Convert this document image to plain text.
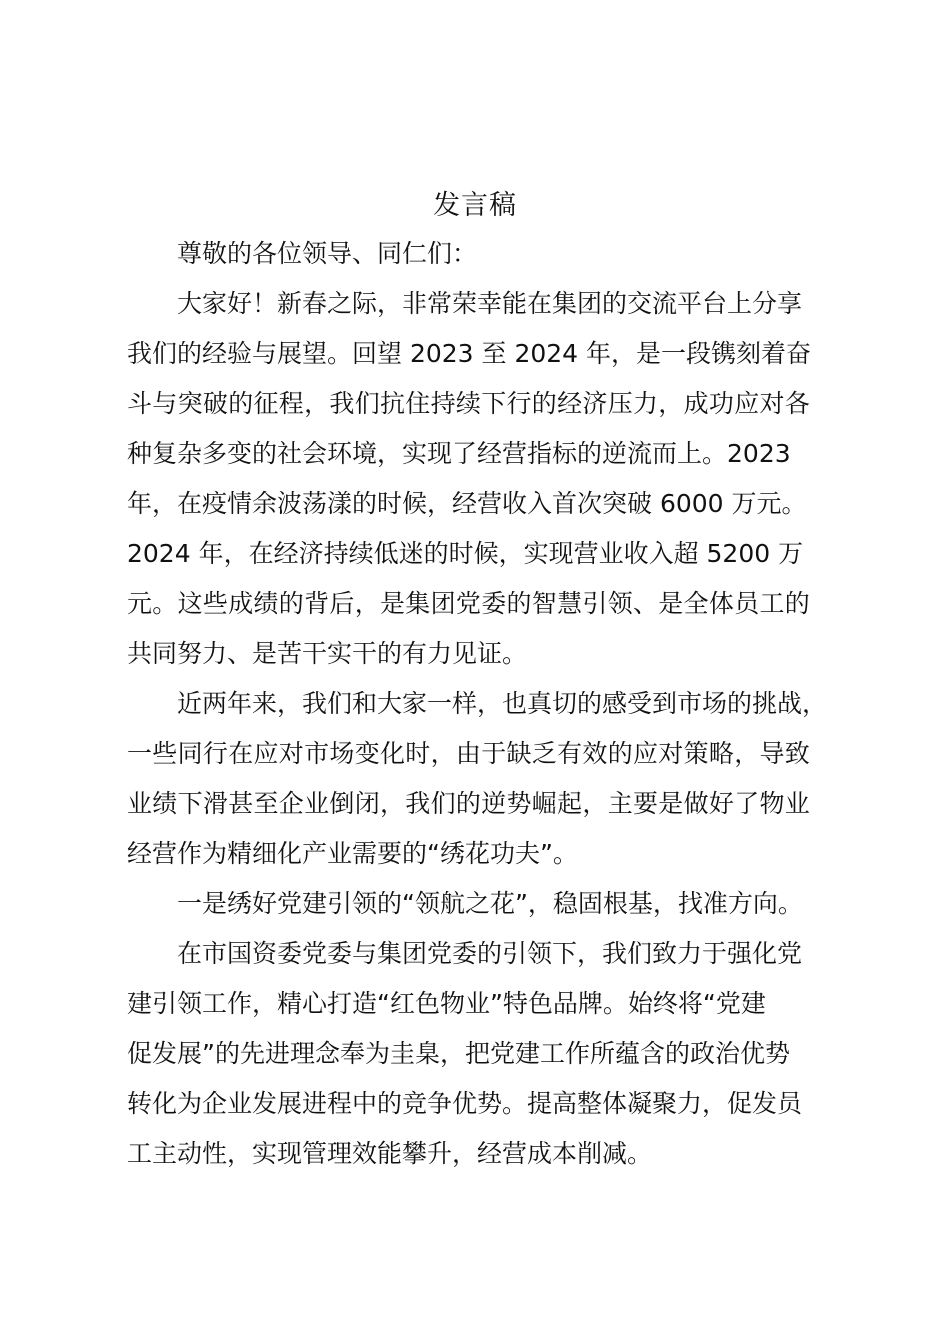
发言稿
尊敬的各位领导、同仁们：
大家好！新春之际，非常荣幸能在集团的交流平台上分享
我们的经验与展望。回望 2023 至 2024 年，是一段镌刻着奋
斗与突破的征程，我们抗住持续下行的经济压力，成功应对各
种复杂多变的社会环境，实现了经营指标的逆流而上。2023
年，在疫情余波荡漾的时候，经营收入首次突破 6000 万元。
2024 年，在经济持续低迷的时候，实现营业收入超 5200 万
元。这些成绩的背后，是集团党委的智慧引领、是全体员工的
共同努力、是苦干实干的有力见证。
近两年来，我们和大家一样，也真切的感受到市场的挑战，
一些同行在应对市场变化时，由于缺乏有效的应对策略，导致
业绩下滑甚至企业倒闭，我们的逆势崛起，主要是做好了物业
经营作为精细化产业需要的“绣花功夫”。
一是绣好党建引领的“领航之花”，稳固根基，找准方向。
在市国资委党委与集团党委的引领下，我们致力于强化党
建引领工作，精心打造“红色物业”特色品牌。始终将“党建
促发展”的先进理念奉为圭臬，把党建工作所蕴含的政治优势
转化为企业发展进程中的竞争优势。提高整体凝聚力，促发员
工主动性，实现管理效能攀升，经营成本削减。
